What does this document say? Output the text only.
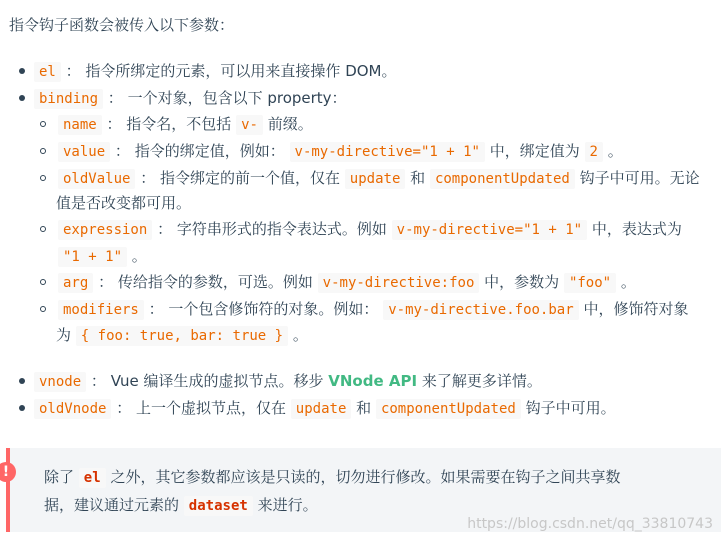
指令钩子函数会被传入以下参数：
el ： 指令所绑定的元素，可以用来直接操作 DOM。
binding ： 一个对象，包含以下 property：
name ： 指令名，不包括 v- 前缀。
value ： 指令的绑定值，例如： v-my-directive="1 + 1" 中，绑定值为 2 。
oldValue ： 指令绑定的前一个值，仅在 update 和 componentUpdated 钩子中可用。无论
值是否改变都可用。
expression ： 字符串形式的指令表达式。例如 v-my-directive="1 + 1" 中，表达式为
"1 + 1" 。
arg ： 传给指令的参数，可选。例如 v-my-directive:foo 中，参数为 "foo" 。
modifiers ： 一个包含修饰符的对象。例如： v-my-directive.foo.bar 中，修饰符对象
为 { foo: true, bar: true } 。
vnode ： Vue 编译生成的虚拟节点。移步 VNode API 来了解更多详情。
oldVnode ： 上一个虚拟节点，仅在 update 和 componentUpdated 钩子中可用。
!	除了 el 之外，其它参数都应该是只读的，切勿进行修改。如果需要在钩子之间共享数
据，建议通过元素的 dataset 来进行。
https://blog.csdn.net/qq_33810743
